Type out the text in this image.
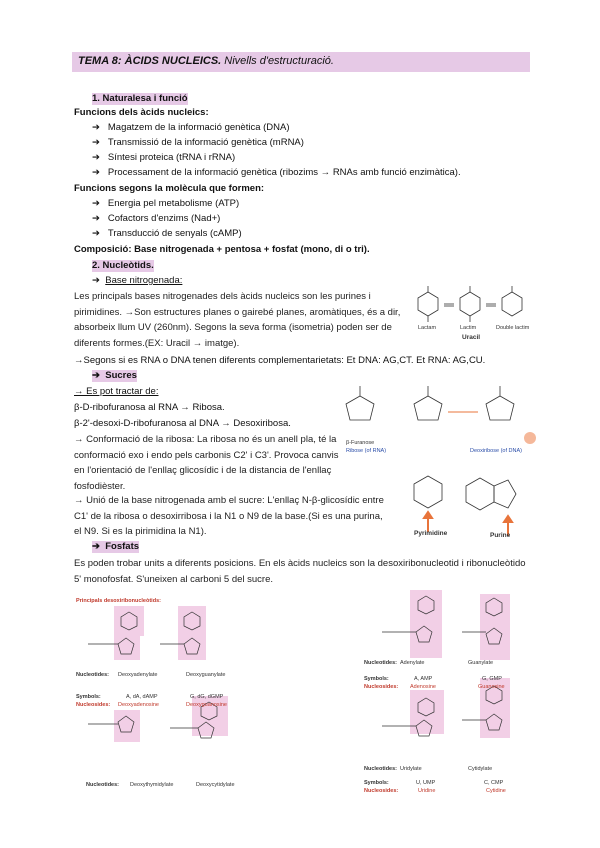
TEMA 8: ÀCIDS NUCLEICS. Nivells d'estructuració.
1. Naturalesa i funció
Funcions dels àcids nucleics:
➔   Magatzem de la informació genètica (DNA)
➔   Transmissió de la informació genètica (mRNA)
➔   Síntesi proteica (tRNA i rRNA)
➔   Processament de la informació genètica (ribozims → RNAs amb funció enzimàtica).
Funcions segons la molècula que formen:
➔   Energia pel metabolisme (ATP)
➔   Cofactors d'enzims (Nad+)
➔   Transducció de senyals (cAMP)
Composició: Base nitrogenada + pentosa + fosfat (mono, di o tri).
2. Nucleòtids.
➔  Base nitrogenada:
Les principals bases nitrogenades dels àcids nucleics son les purines i pirimidines. →Son estructures planes o gairebé planes, aromàtiques, és a dir, absorbeix llum UV (260nm). Segons la seva forma (isometria) poden ser de diferents formes.(EX: Uracil → imatge).
→Segons si es RNA o DNA tenen diferents complementarietats: Et DNA: AG,CT. Et RNA: AG,CU.
Lactam	Lactim	Double lactim
Uracil
➔  Sucres
→ Es pot tractar de:
β-D-ribofuranosa al RNA → Ribosa.
β-2'-desoxi-D-ribofuranosa al DNA → Desoxiribosa.
→ Conformació de la ribosa: La ribosa no és un anell pla, té la conformació exo i endo pels carbonis C2' i C3'. Provoca canvis en l'orientació de l'enllaç glicosídic i de la distancia de l'enllaç fosfodièster.
→ Unió de la base nitrogenada amb el sucre: L'enllaç N-β-glicosídic entre C1' de la ribosa o desoxirribosa i la N1 o N9 de la base.(Si es una purina, el N9. Si es la pirimidina la N1).
β-Furanose
Ribose (of RNA)	Deoxiribose (of DNA)
Pyrimidine	Purine
➔  Fosfats
Es poden trobar units a diferents posicions. En els àcids nucleics son la desoxiribonucleotid i ribonucleòtido 5' monofosfat. S'uneixen al carboni 5 del sucre.
Principals desoxiribonucleòtids:
Nucleotides: Deoxyadenylate	Deoxyguanylate
Symbols:	A, dA, dAMP	G, dG, dGMP
Nucleosides: Deoxyadenosine	Deoxyguanosine
Nucleotides: Deoxythymidylate	Deoxycytidylate
Nucleotides: Adenylate	Guanylate
Symbols:	A, AMP	G, GMP
Nucleosides: Adenosine	Guanosine
Nucleotides: Uridylate	Cytidylate
Symbols:	U, UMP	C, CMP
Nucleosides:	Uridine	Cytidine
